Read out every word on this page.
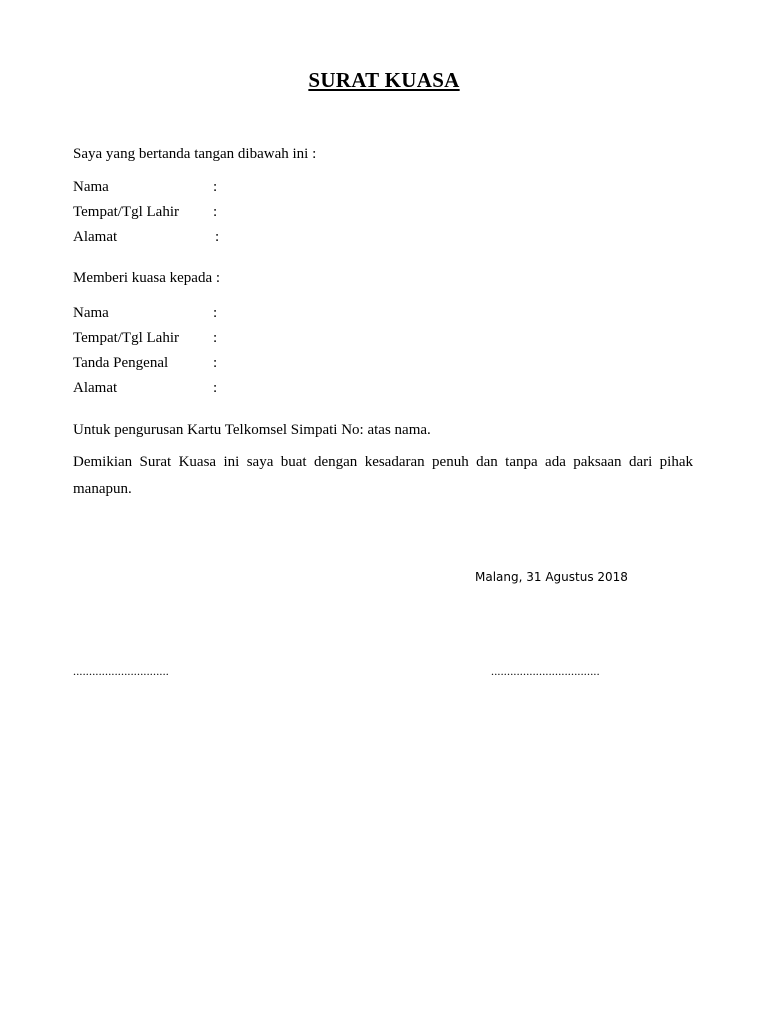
SURAT KUASA
Saya yang bertanda tangan dibawah ini :
Nama	:
Tempat/Tgl Lahir :
Alamat	:
Memberi kuasa kepada :
Nama	:
Tempat/Tgl Lahir :
Tanda Pengenal	:
Alamat	:
Untuk pengurusan Kartu Telkomsel Simpati No: atas nama.
Demikian Surat Kuasa ini saya buat dengan kesadaran penuh dan tanpa ada paksaan dari pihak manapun.
Malang, 31 Agustus 2018
..............................	..................................
